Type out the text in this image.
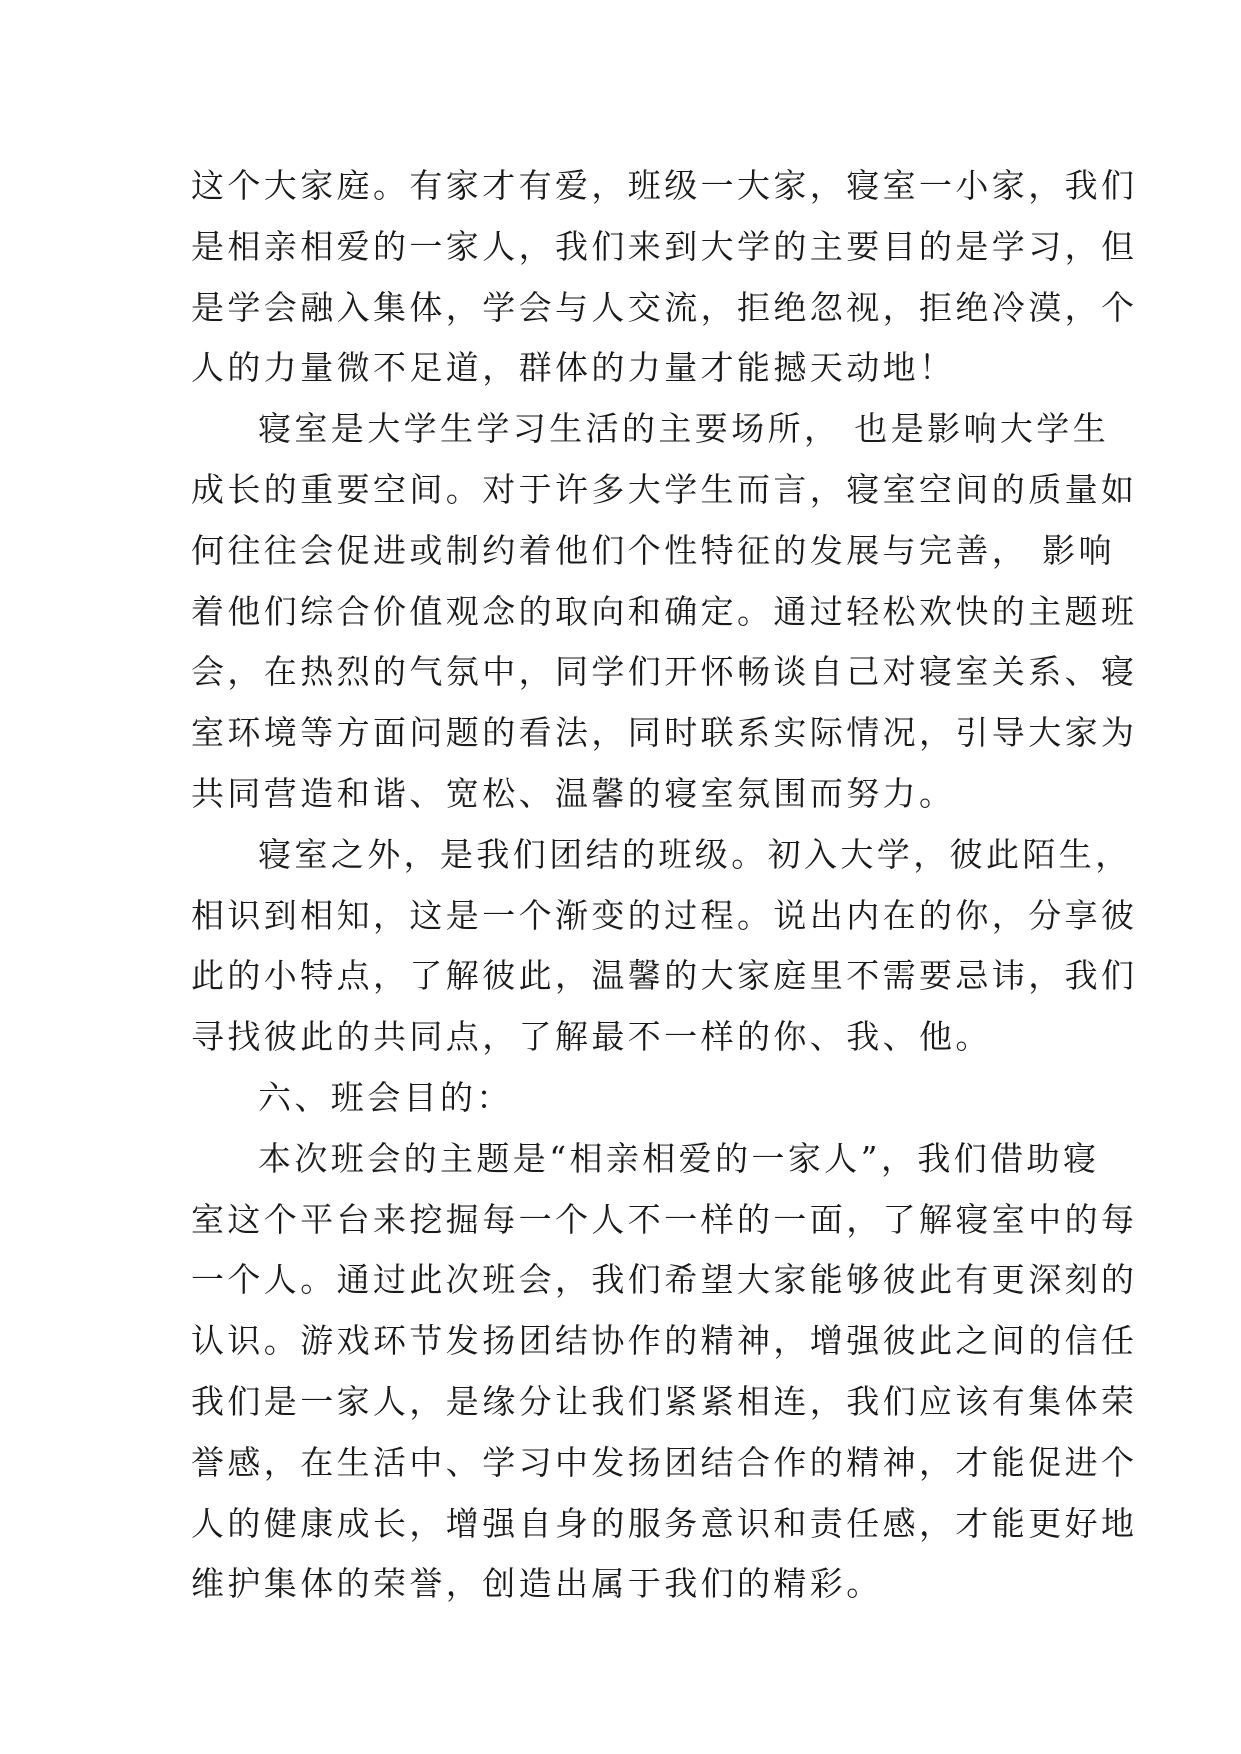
这个大家庭。有家才有爱，班级一大家，寝室一小家，我们
是相亲相爱的一家人，我们来到大学的主要目的是学习，但
是学会融入集体，学会与人交流，拒绝忽视，拒绝冷漠，个
人的力量微不足道，群体的力量才能撼天动地！
寝室是大学生学习生活的主要场所， 也是影响大学生
成长的重要空间。对于许多大学生而言，寝室空间的质量如
何往往会促进或制约着他们个性特征的发展与完善， 影响
着他们综合价值观念的取向和确定。通过轻松欢快的主题班
会，在热烈的气氛中，同学们开怀畅谈自己对寝室关系、寝
室环境等方面问题的看法，同时联系实际情况，引导大家为
共同营造和谐、宽松、温馨的寝室氛围而努力。
寝室之外，是我们团结的班级。初入大学，彼此陌生，
相识到相知，这是一个渐变的过程。说出内在的你，分享彼
此的小特点，了解彼此，温馨的大家庭里不需要忌讳，我们
寻找彼此的共同点，了解最不一样的你、我、他。
六、班会目的：
本次班会的主题是“相亲相爱的一家人”，我们借助寝
室这个平台来挖掘每一个人不一样的一面，了解寝室中的每
一个人。通过此次班会，我们希望大家能够彼此有更深刻的
认识。游戏环节发扬团结协作的精神，增强彼此之间的信任
我们是一家人，是缘分让我们紧紧相连，我们应该有集体荣
誉感，在生活中、学习中发扬团结合作的精神，才能促进个
人的健康成长，增强自身的服务意识和责任感，才能更好地
维护集体的荣誉，创造出属于我们的精彩。
